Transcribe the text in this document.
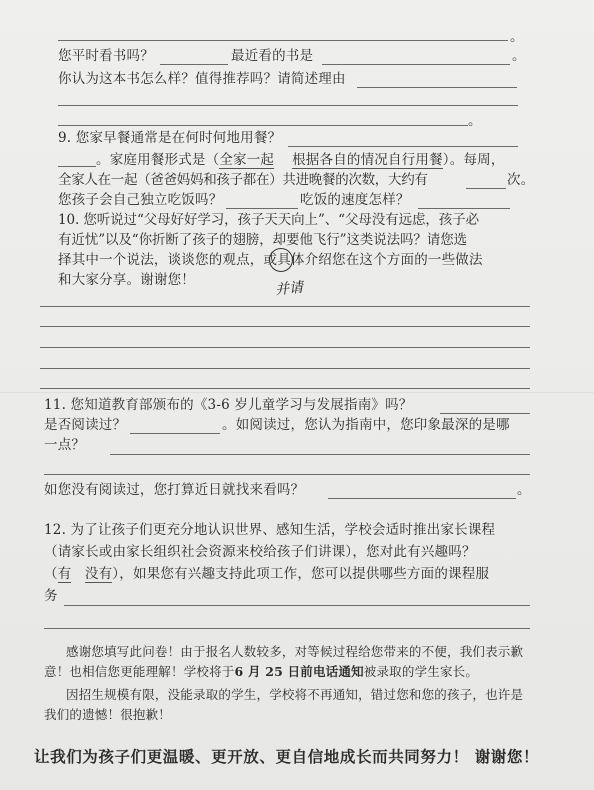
。
您平时看书吗？	最近看的书是	。
你认为这本书怎么样？值得推荐吗？请简述理由
。
9. 您家早餐通常是在何时何地用餐？
。家庭用餐形式是（全家一起 根据各自的情况自行用餐）。每周，
全家人在一起（爸爸妈妈和孩子都在）共进晚餐的次数，大约有	次。
您孩子会自己独立吃饭吗？	吃饭的速度怎样？
10. 您听说过“父母好好学习，孩子天天向上”、“父母没有远虑，孩子必
有近忧”以及“你折断了孩子的翅膀，却要他飞行”这类说法吗？请您选
择其中一个说法，谈谈您的观点，或具体介绍您在这个方面的一些做法
和大家分享。谢谢您！	并请
11. 您知道教育部颁布的《3-6 岁儿童学习与发展指南》吗？
是否阅读过？	。如阅读过，您认为指南中，您印象最深的是哪
一点？
如您没有阅读过，您打算近日就找来看吗？	。
12. 为了让孩子们更充分地认识世界、感知生活，学校会适时推出家长课程
（请家长或由家长组织社会资源来校给孩子们讲课），您对此有兴趣吗？
（有 没有），如果您有兴趣支持此项工作，您可以提供哪些方面的课程服
务
感谢您填写此问卷！由于报名人数较多，对等候过程给您带来的不便，我们表示歉
意！也相信您更能理解！学校将于6 月 25 日前电话通知被录取的学生家长。
因招生规模有限，没能录取的学生，学校将不再通知，错过您和您的孩子，也许是
我们的遗憾！很抱歉！
让我们为孩子们更温暖、更开放、更自信地成长而共同努力！ 谢谢您！
